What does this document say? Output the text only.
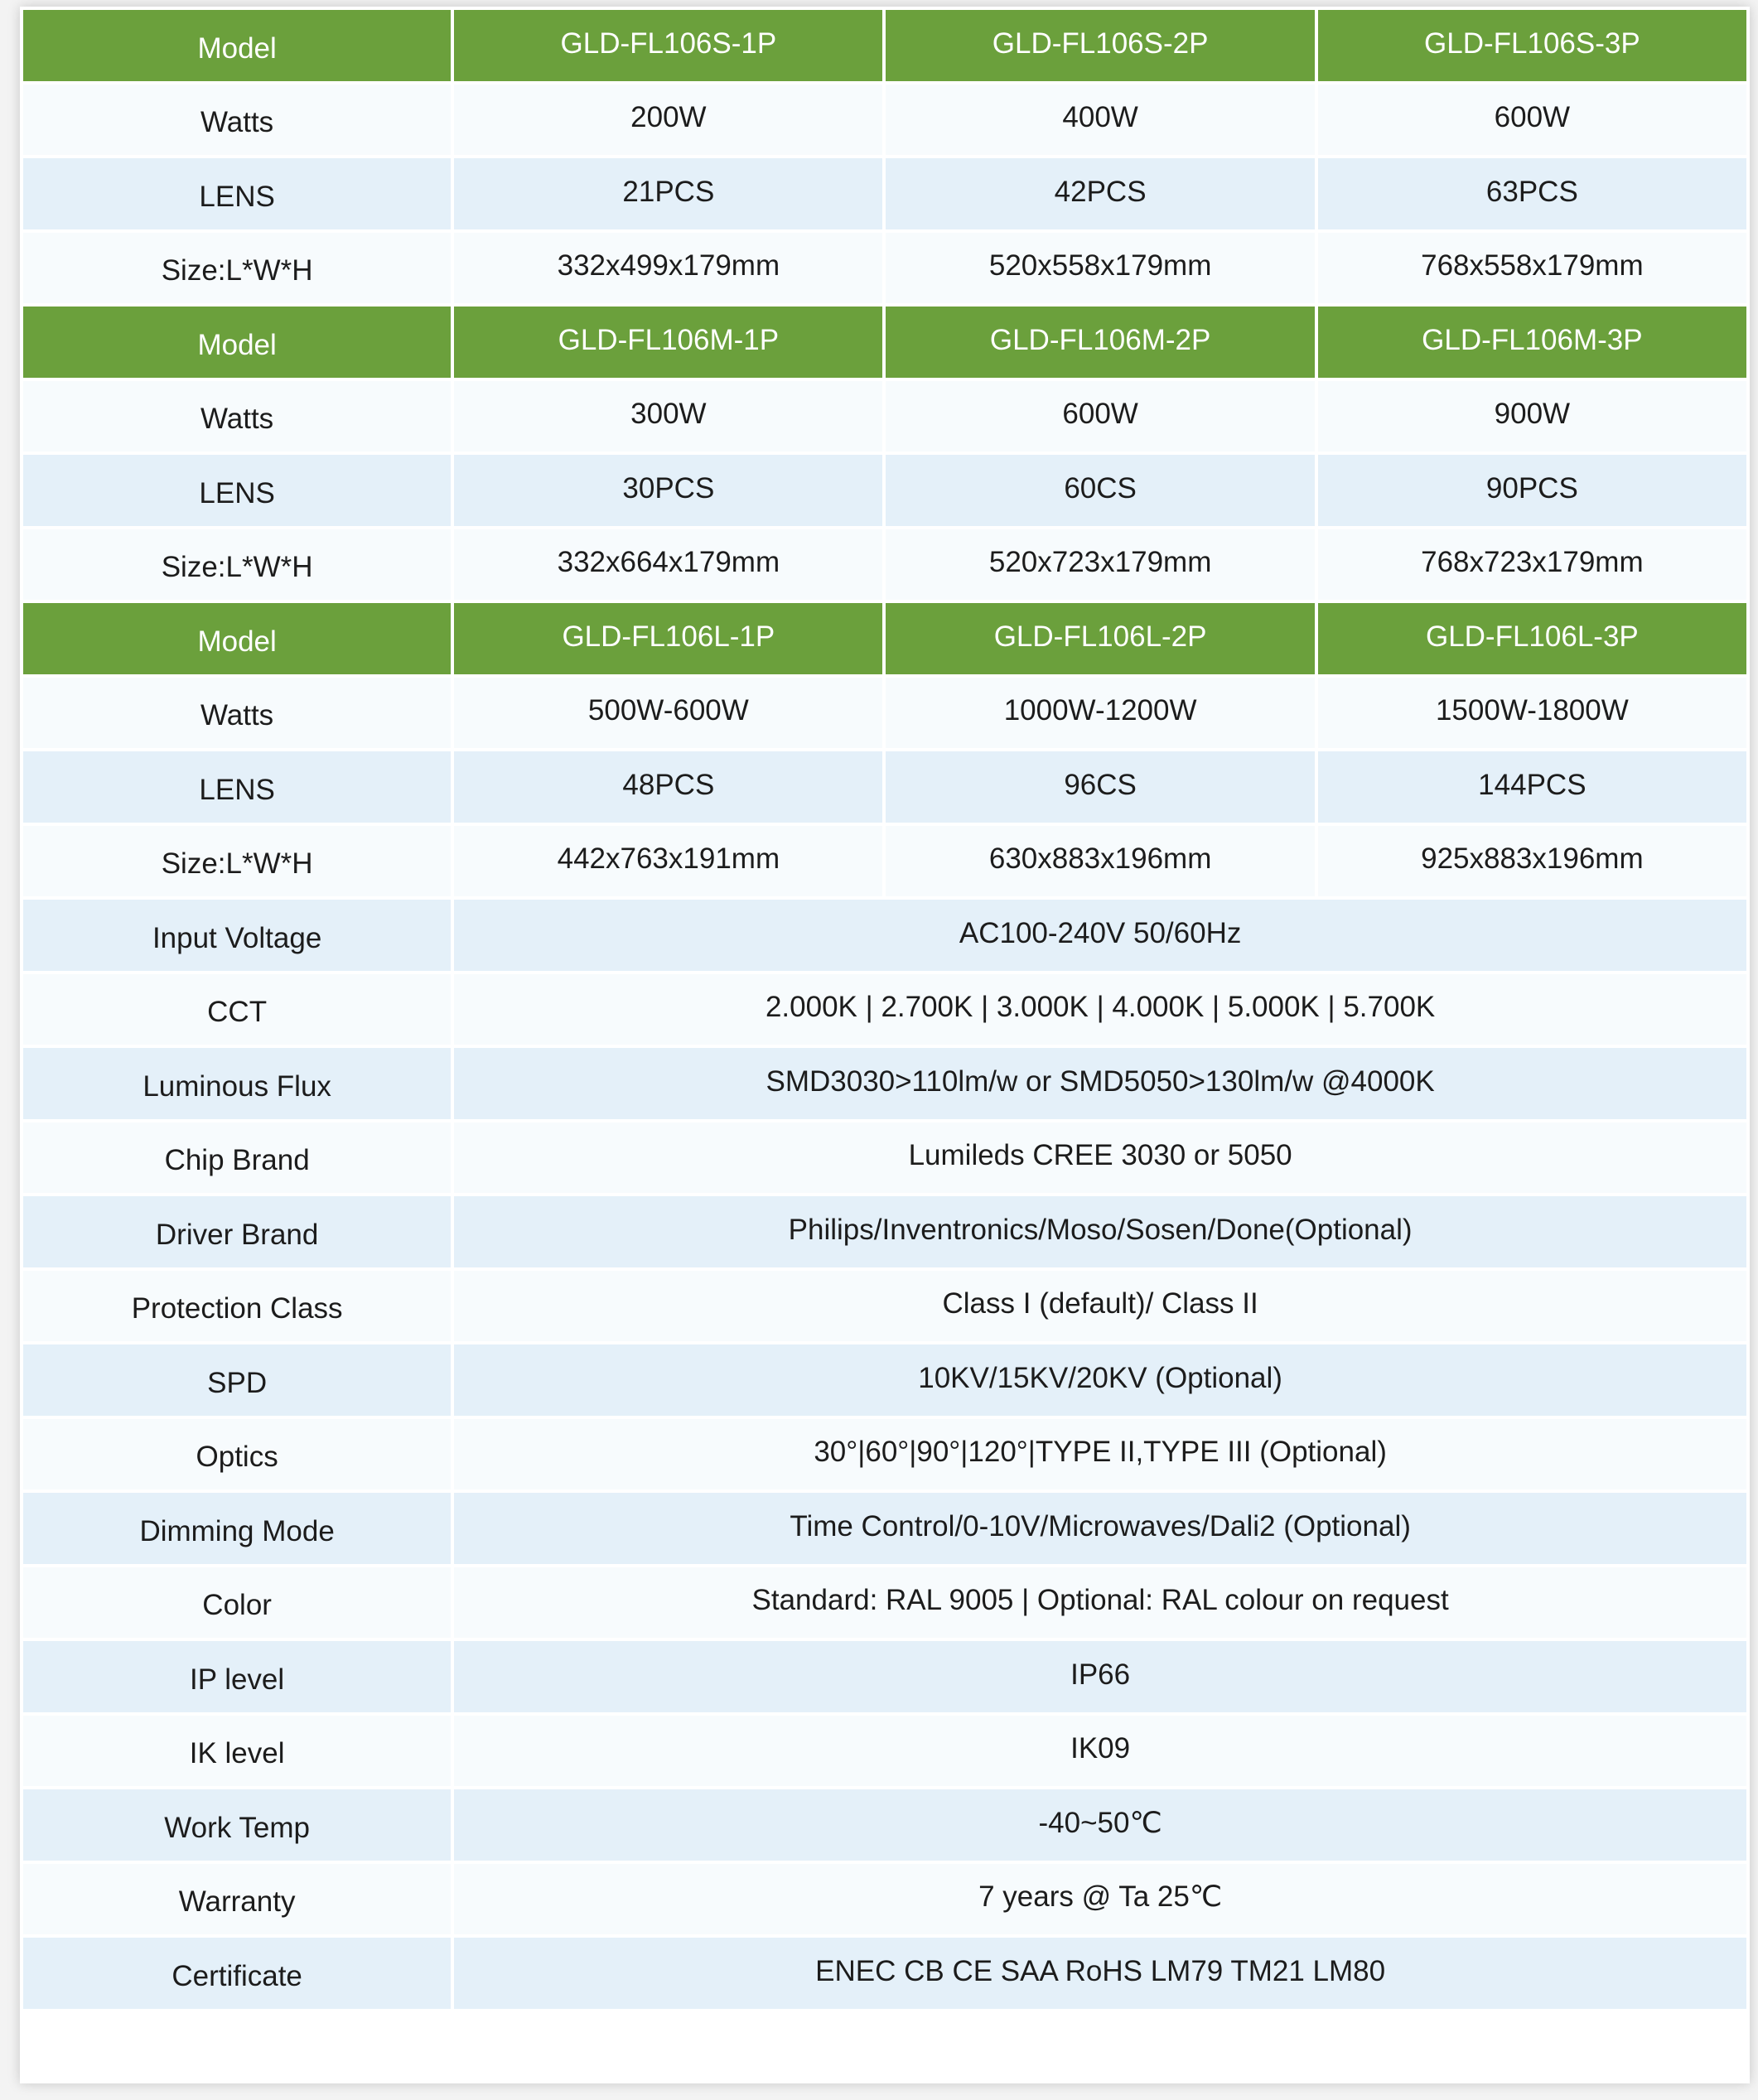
Model	GLD-FL106S-1P	GLD-FL106S-2P	GLD-FL106S-3P
Watts	200W	400W	600W
LENS	21PCS	42PCS	63PCS
Size:L*W*H	332x499x179mm	520x558x179mm	768x558x179mm
Model	GLD-FL106M-1P	GLD-FL106M-2P	GLD-FL106M-3P
Watts	300W	600W	900W
LENS	30PCS	60CS	90PCS
Size:L*W*H	332x664x179mm	520x723x179mm	768x723x179mm
Model	GLD-FL106L-1P	GLD-FL106L-2P	GLD-FL106L-3P
Watts	500W-600W	1000W-1200W	1500W-1800W
LENS	48PCS	96CS	144PCS
Size:L*W*H	442x763x191mm	630x883x196mm	925x883x196mm
Input Voltage	AC100-240V 50/60Hz		
CCT	2.000K | 2.700K | 3.000K | 4.000K | 5.000K | 5.700K		
Luminous Flux	SMD3030>110lm/w or SMD5050>130lm/w @4000K		
Chip Brand	Lumileds CREE 3030 or 5050		
Driver Brand	Philips/Inventronics/Moso/Sosen/Done(Optional)		
Protection Class	Class I (default)/ Class II		
SPD	10KV/15KV/20KV (Optional)		
Optics	30°|60°|90°|120°|TYPE II,TYPE III (Optional)		
Dimming Mode	Time Control/0-10V/Microwaves/Dali2 (Optional)		
Color	Standard: RAL 9005 | Optional: RAL colour on request		
IP level	IP66		
IK level	IK09		
Work Temp	-40~50℃		
Warranty	7 years @ Ta 25℃		
Certificate	ENEC CB CE SAA RoHS LM79 TM21 LM80		
